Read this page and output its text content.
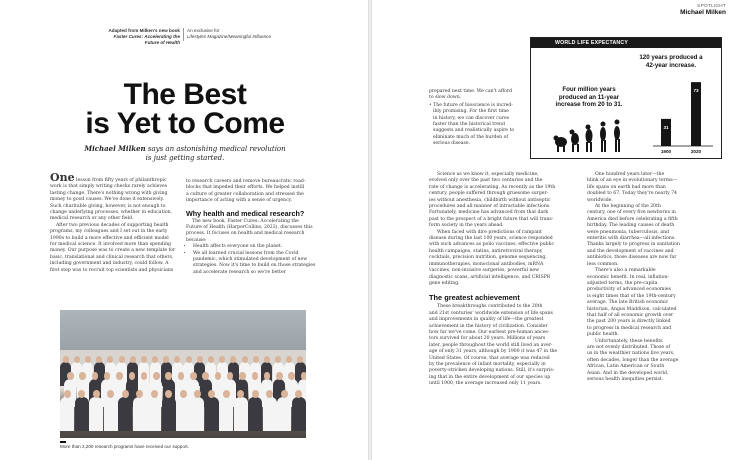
Adapted from Milken's new book
Faster Cures: Accelerating the Future of Health
An exclusive for
Lifestyles Magazine/Meaningful Influence
The Best
is Yet to Come
Michael Milken says an astonishing medical revolution
is just getting started.
One lesson from fifty years of philanthropic
work is that simply writing checks rarely achieves
lasting change. There's nothing wrong with giving
money to good causes. We've done it extensively.
Such charitable giving, however, is not enough to
change underlying processes, whether in education,
medical research or any other field.
After two previous decades of supporting health
programs, my colleagues and I set out in the early
1990s to build a more effective and efficient model
for medical science. It involved more than spending
money. Our purpose was to create a new template for
basic, translational and clinical research that others,
including government and industry, could follow. A
first step was to recruit top scientists and physicians
to research careers and remove bureaucratic road-
blocks that impeded their efforts. We helped instill
a culture of greater collaboration and stressed the
importance of acting with a sense of urgency.
Why health and medical research?
The new book, Faster Cures: Accelerating the
Future of Health (HarperCollins, 2023), discusses this
process. It focuses on health and medical research
because:
• Health affects everyone on the planet.
• We all learned crucial lessons from the Covid pandemic, which stimulated development of new strategies. Now it's time to build on those strategies and accelerate research so we're better
More than 2,200 research programs have received our support.
SPOTLIGHT
Michael Milken
prepared next time. We can't afford
to slow down.
• The future of bioscience is incred-
ibly promising. For the first time
in history, we can discover cures
faster than the historical trend
suggests and realistically aspire to
eliminate much of the burden of
serious disease.
WORLD LIFE EXPECTANCY
120 years produced a
42-year increase.
Four million years
produced an 11-year
increase from 20 to 31.
31
1900
73
2020
Science as we know it, especially medicine,
evolved only over the past two centuries and the
rate of change is accelerating. As recently as the 19th
century, people suffered through gruesome surger-
ies without anesthesia, childbirth without antiseptic
procedures and all manner of intractable infections.
Fortunately, medicine has advanced from that dark
past to the prospect of a bright future that will trans-
form society in the years ahead.
When faced with dire predictions of rampant
disease during the last 100 years, science responded
with such advances as polio vaccines, effective public
health campaigns, statins, antiretroviral therapy
cocktails, precision nutrition, genome sequencing,
immunotherapies, monoclonal antibodies, mRNA
vaccines, non-invasive surgeries, powerful new
diagnostic scans, artificial intelligence, and CRISPR
gene editing.
The greatest achievement
These breakthroughs contributed to the 20th
and 21st centuries' worldwide extension of life spans
and improvements in quality of life—the greatest
achievement in the history of civilization. Consider
how far we've come. Our earliest pre-human ances-
tors survived for about 20 years. Millions of years
later, people throughout the world still lived an aver-
age of only 31 years, although by 1900 it was 47 in the
United States. Of course, that average was reduced
by the prevalence of infant mortality, especially in
poverty-stricken developing nations. Still, it's surpris-
ing that in the entire development of our species up
until 1900, the average increased only 11 years.
One hundred years later—the
blink of an eye in evolutionary terms—
life spans on earth had more than
doubled to 67. Today they're nearly 74
worldwide.
At the beginning of the 20th
century, one of every five newborns in
America died before celebrating a fifth
birthday. The leading causes of death
were pneumonia, tuberculosis, and
enteritis with diarrhea—all infections.
Thanks largely to progress in sanitation
and the development of vaccines and
antibiotics, those diseases are now far
less common.
There's also a remarkable
economic benefit. In real, inflation-
adjusted terms, the pre-capita
productivity of advanced economies
is eight times that of the 19th-century
average. The late British economic
historian, Angus Maddison, calculated
that half of all economic growth over
the past 200 years is directly linked
to progress in medical research and
public health.
Unfortunately, these benefits
are not evenly distributed. Those of
us in the wealthier nations live years,
often decades, longer than the average
African, Latin American or South
Asian. And in the developed world,
serious health inequities persist.
